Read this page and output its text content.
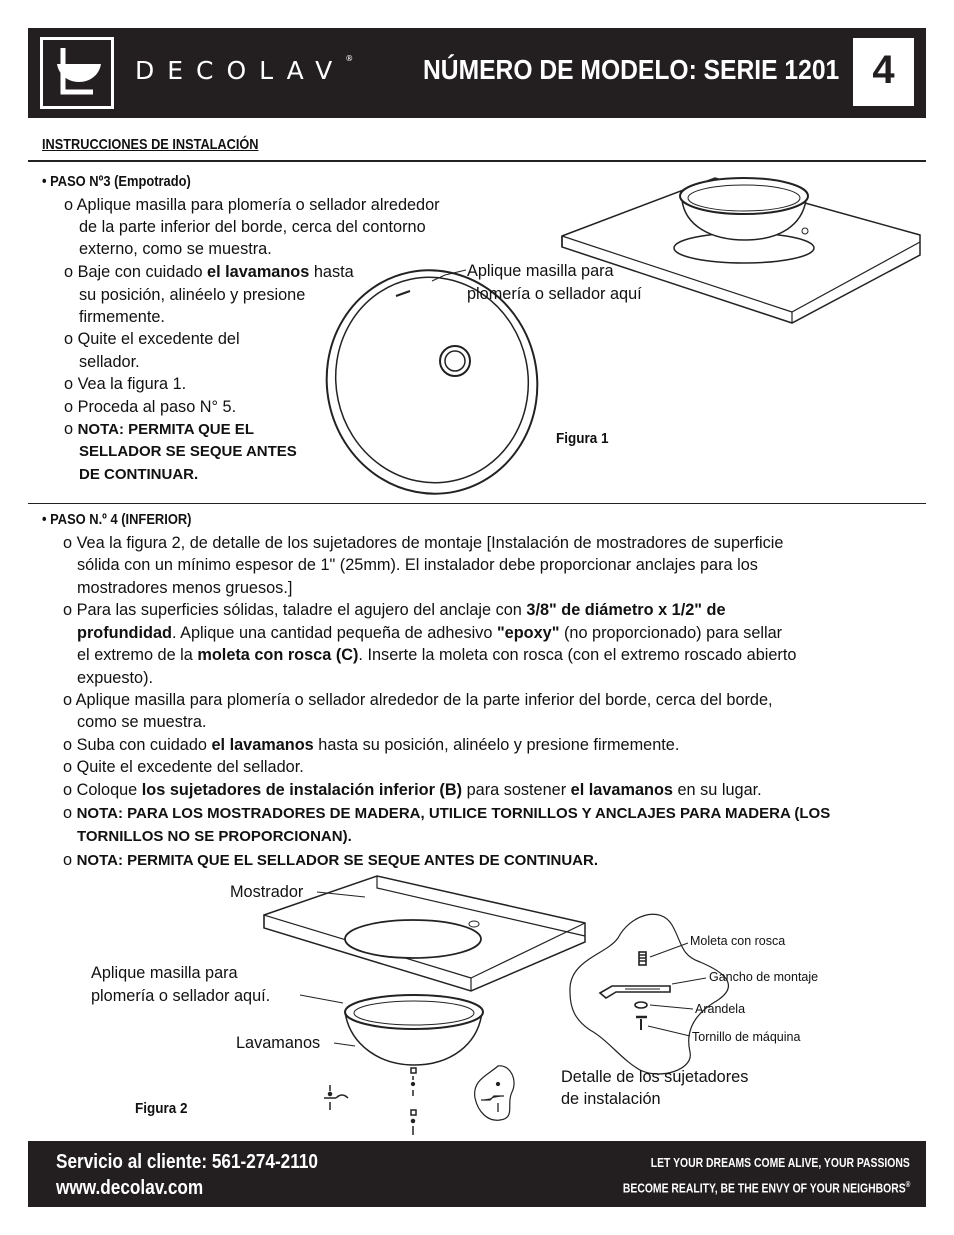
DECOLAV® NÚMERO DE MODELO: SERIE 1201 4
INSTRUCCIONES DE INSTALACIÓN
• PASO Nº3 (Empotrado)
o Aplique masilla para plomería o sellador alrededor
de la parte inferior del borde, cerca del contorno
externo, como se muestra.
o Baje con cuidado el lavamanos hasta
su posición, alinéelo y presione
firmemente.
o Quite el excedente del
sellador.
o Vea la figura 1.
o Proceda al paso N° 5.
o NOTA: PERMITA QUE EL
SELLADOR SE SEQUE ANTES
DE CONTINUAR.
Aplique masilla para
plomería o sellador aquí
Figura 1
• PASO N.º 4 (INFERIOR)
o Vea la figura 2, de detalle de los sujetadores de montaje [Instalación de mostradores de superficie
sólida con un mínimo espesor de 1" (25mm). El instalador debe proporcionar anclajes para los
mostradores menos gruesos.]
o Para las superficies sólidas, taladre el agujero del anclaje con 3/8" de diámetro x 1/2" de
profundidad. Aplique una cantidad pequeña de adhesivo "epoxy" (no proporcionado) para sellar
el extremo de la moleta con rosca (C). Inserte la moleta con rosca (con el extremo roscado abierto
expuesto).
o Aplique masilla para plomería o sellador alrededor de la parte inferior del borde, cerca del borde,
como se muestra.
o Suba con cuidado el lavamanos hasta su posición, alinéelo y presione firmemente.
o Quite el excedente del sellador.
o Coloque los sujetadores de instalación inferior (B) para sostener el lavamanos en su lugar.
o NOTA: PARA LOS MOSTRADORES DE MADERA, UTILICE TORNILLOS Y ANCLAJES PARA MADERA (LOS
TORNILLOS NO SE PROPORCIONAN).
o NOTA: PERMITA QUE EL SELLADOR SE SEQUE ANTES DE CONTINUAR.
Mostrador
Aplique masilla para
plomería o sellador aquí.
Lavamanos
Figura 2
Detalle de los sujetadores
de instalación
Moleta con rosca
Gancho de montaje
Arandela
Tornillo de máquina
Servicio al cliente: 561-274-2110
www.decolav.com
LET YOUR DREAMS COME ALIVE, YOUR PASSIONS
BECOME REALITY, BE THE ENVY OF YOUR NEIGHBORS®
